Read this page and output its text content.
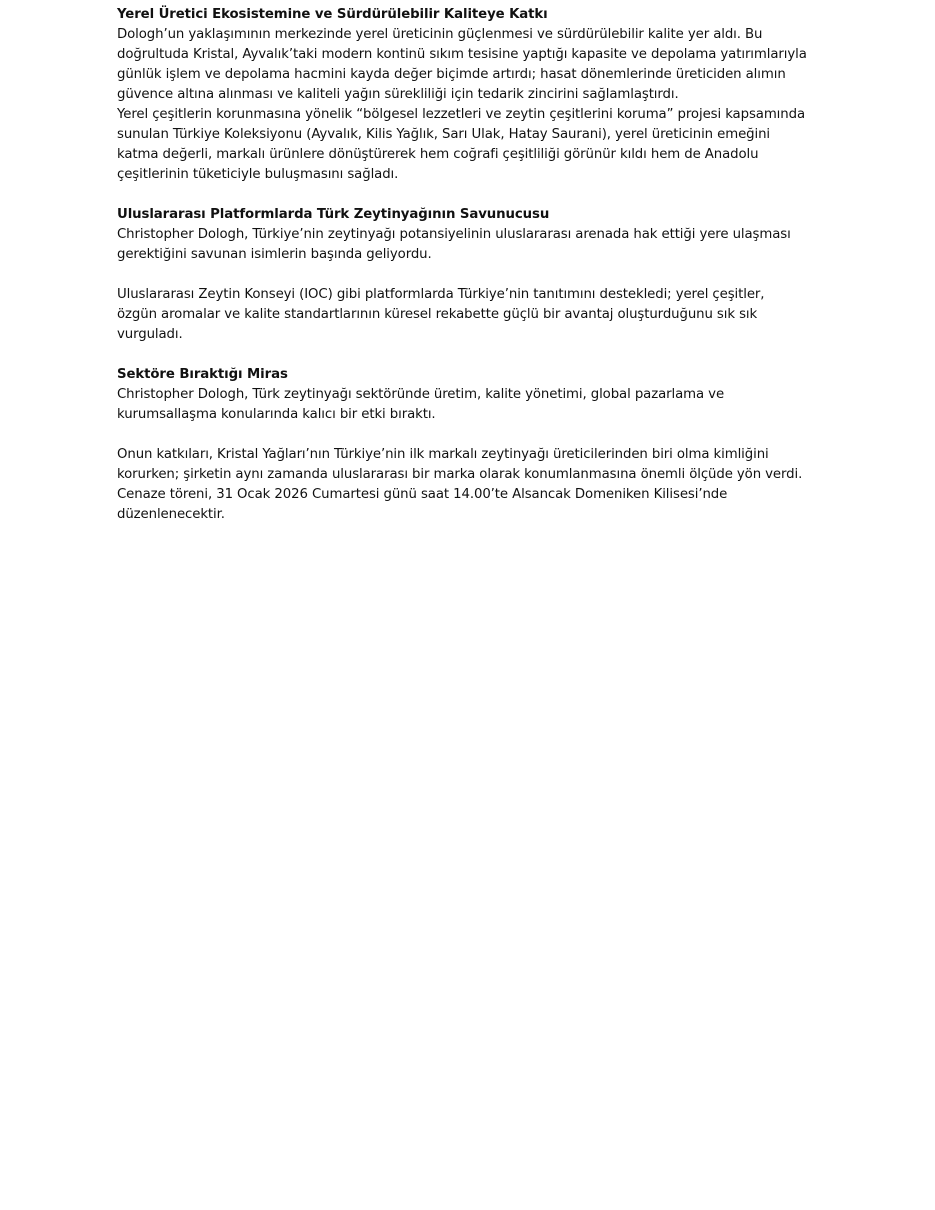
Yerel Üretici Ekosistemine ve Sürdürülebilir Kaliteye Katkı

Dologh’un yaklaşımının merkezinde yerel üreticinin güçlenmesi ve sürdürülebilir kalite yer aldı. Bu doğrultuda Kristal, Ayvalık’taki modern kontinü sıkım tesisine yaptığı kapasite ve depolama yatırımlarıyla günlük işlem ve depolama hacmini kayda değer biçimde artırdı; hasat dönemlerinde üreticiden alımın güvence altına alınması ve kaliteli yağın sürekliliği için tedarik zincirini sağlamlaştırdı.

Yerel çeşitlerin korunmasına yönelik “bölgesel lezzetleri ve zeytin çeşitlerini koruma” projesi kapsamında sunulan Türkiye Koleksiyonu (Ayvalık, Kilis Yağlık, Sarı Ulak, Hatay Saurani), yerel üreticinin emeğini katma değerli, markalı ürünlere dönüştürerek hem coğrafi çeşitliliği görünür kıldı hem de Anadolu çeşitlerinin tüketiciyle buluşmasını sağladı.

Uluslararası Platformlarda Türk Zeytinyağının Savunucusu

Christopher Dologh, Türkiye’nin zeytinyağı potansiyelinin uluslararası arenada hak ettiği yere ulaşması gerektiğini savunan isimlerin başında geliyordu.

Uluslararası Zeytin Konseyi (IOC) gibi platformlarda Türkiye’nin tanıtımını destekledi; yerel çeşitler, özgün aromalar ve kalite standartlarının küresel rekabette güçlü bir avantaj oluşturduğunu sık sık vurguladı.

Sektöre Bıraktığı Miras

Christopher Dologh, Türk zeytinyağı sektöründe üretim, kalite yönetimi, global pazarlama ve kurumsallaşma konularında kalıcı bir etki bıraktı.

Onun katkıları, Kristal Yağları’nın Türkiye’nin ilk markalı zeytinyağı üreticilerinden biri olma kimliğini korurken; şirketin aynı zamanda uluslararası bir marka olarak konumlanmasına önemli ölçüde yön verdi. Cenaze töreni, 31 Ocak 2026 Cumartesi günü saat 14.00’te Alsancak Domeniken Kilisesi’nde düzenlenecektir.
